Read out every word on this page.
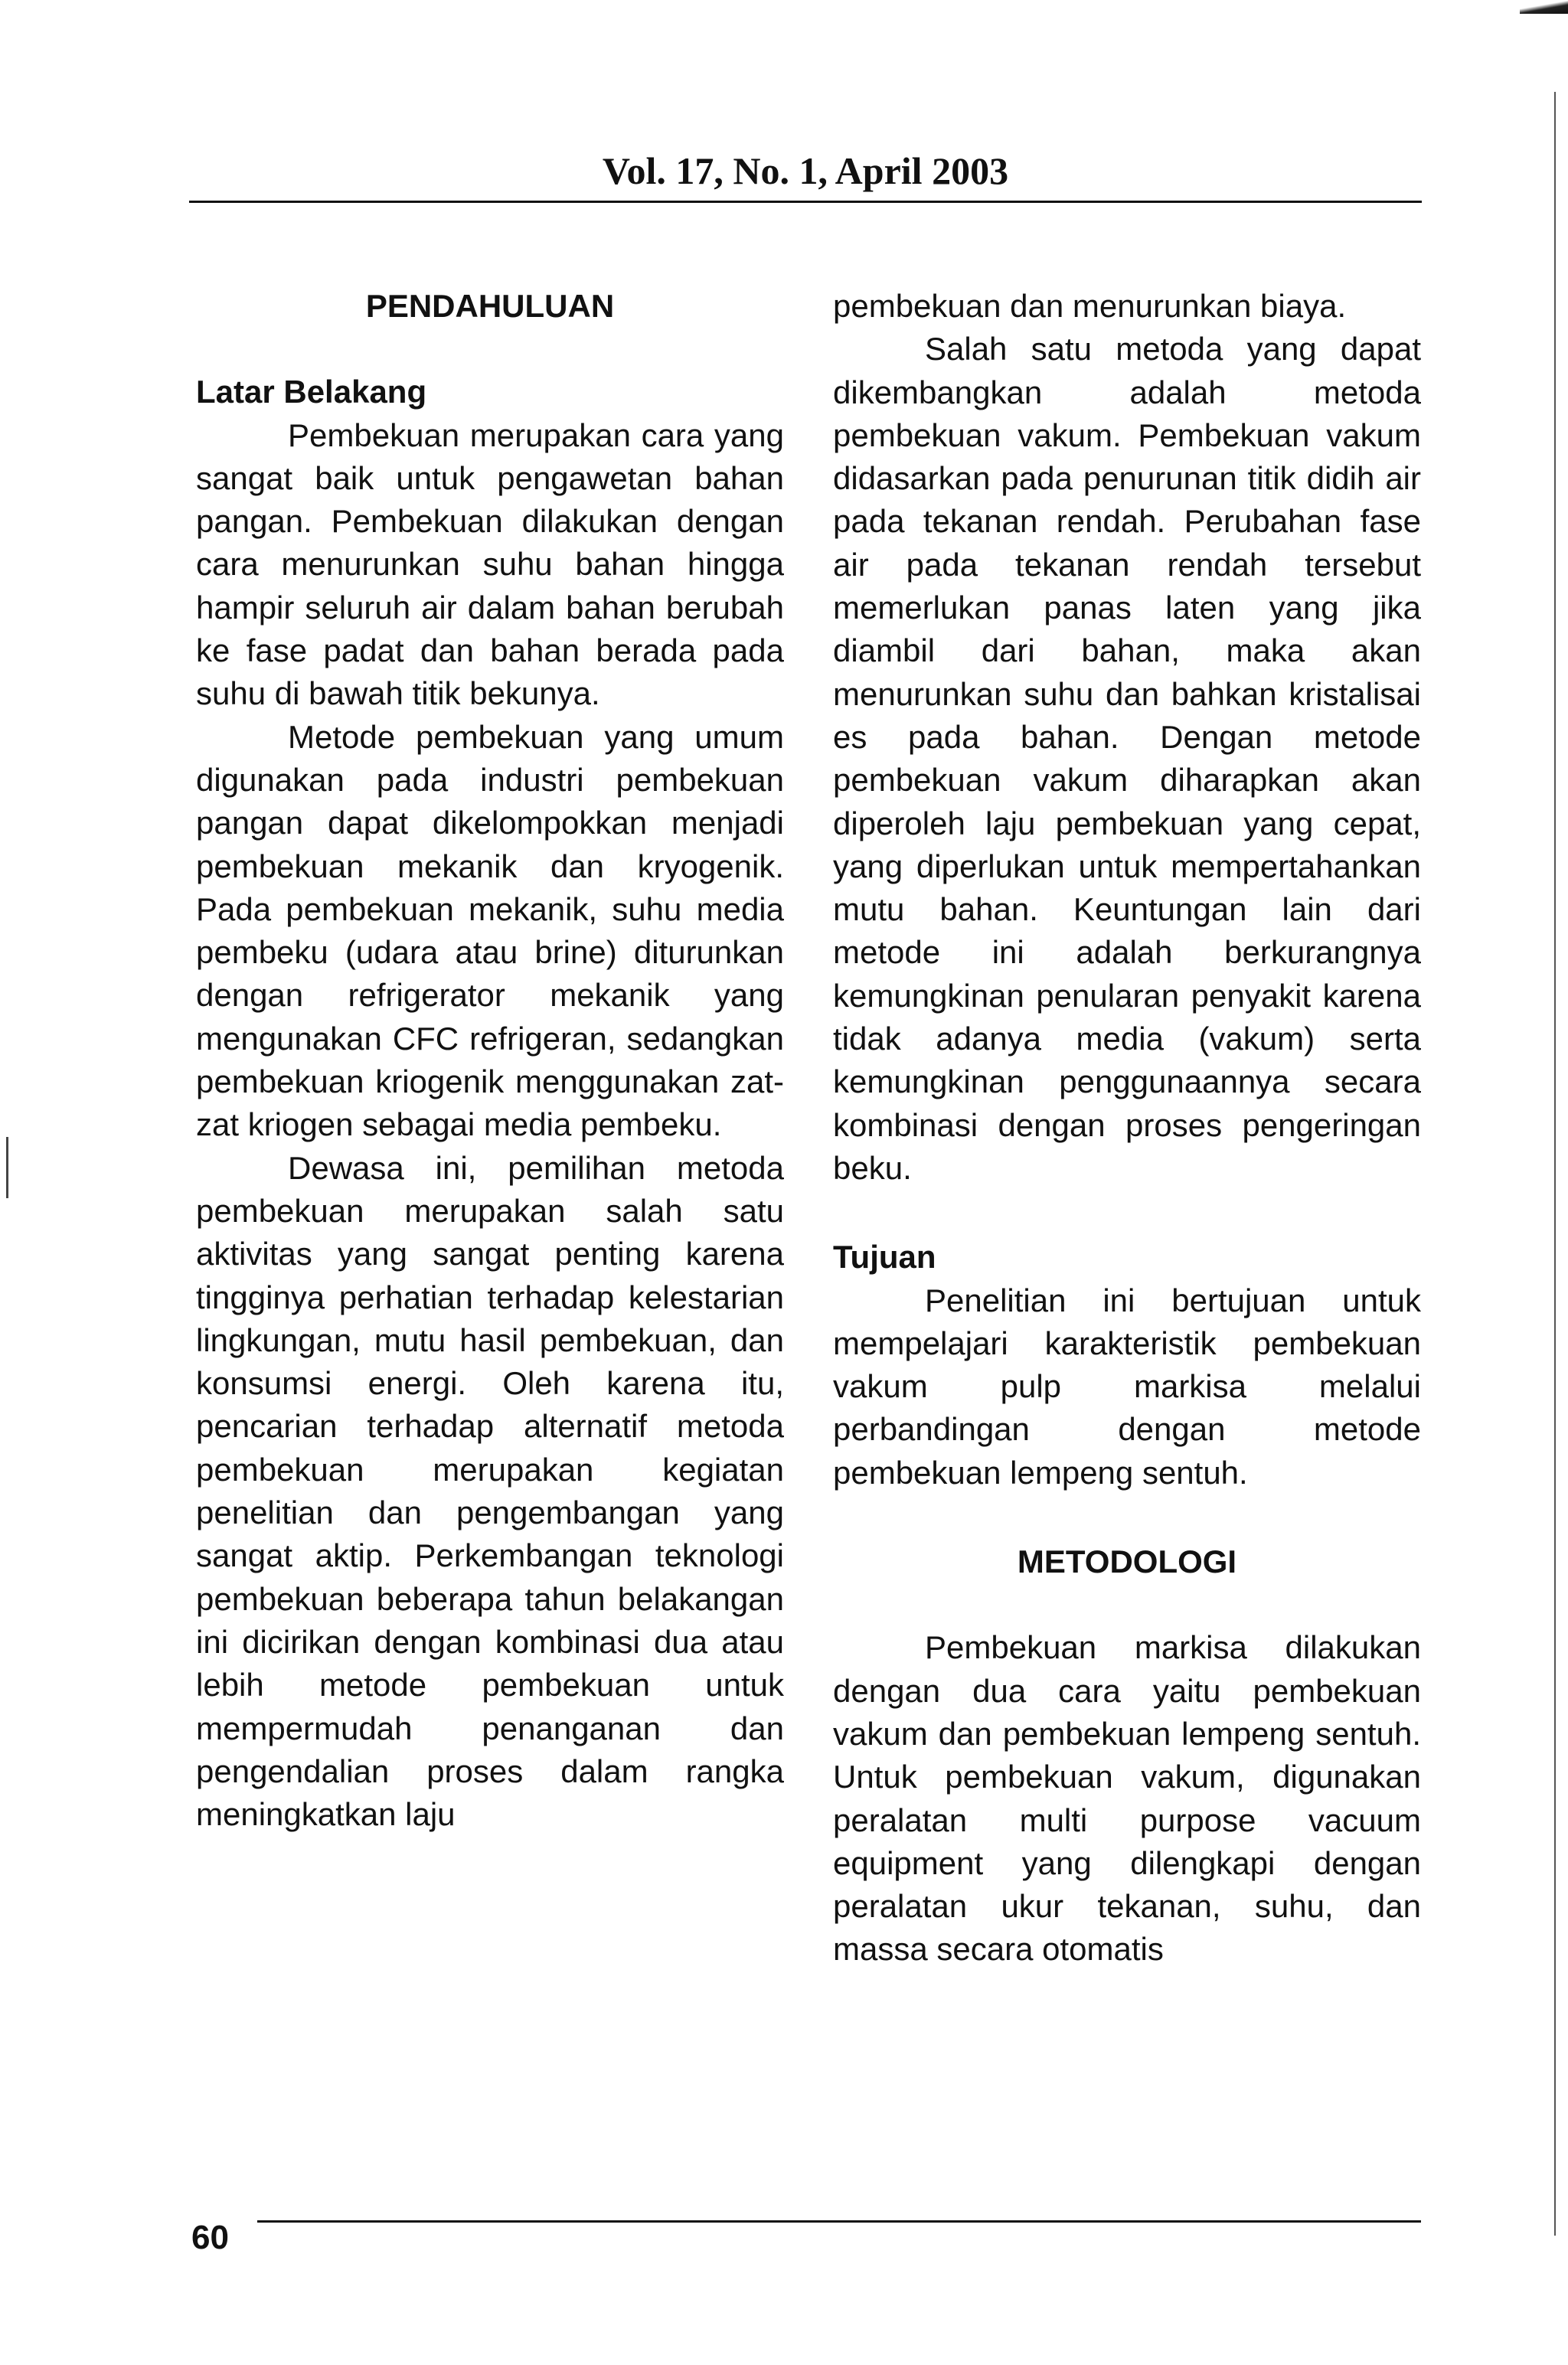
Vol. 17, No. 1, April 2003

PENDAHULUAN

Latar Belakang

Pembekuan merupakan cara yang sangat baik untuk pengawetan bahan pangan. Pembekuan dilakukan dengan cara menurunkan suhu bahan hingga hampir seluruh air dalam bahan berubah ke fase padat dan bahan berada pada suhu di bawah titik bekunya.

Metode pembekuan yang umum digunakan pada industri pembekuan pangan dapat dikelompokkan menjadi pembekuan mekanik dan kryogenik. Pada pembekuan mekanik, suhu media pembeku (udara atau brine) diturunkan dengan refrigerator mekanik yang mengunakan CFC refrigeran, sedangkan pembekuan kriogenik menggunakan zat-zat kriogen sebagai media pembeku.

Dewasa ini, pemilihan metoda pembekuan merupakan salah satu aktivitas yang sangat penting karena tingginya perhatian terhadap kelestarian lingkungan, mutu hasil pembekuan, dan konsumsi energi. Oleh karena itu, pencarian terhadap alternatif metoda pembekuan merupakan kegiatan penelitian dan pengembangan yang sangat aktip. Perkembangan teknologi pembekuan beberapa tahun belakangan ini dicirikan dengan kombinasi dua atau lebih metode pembekuan untuk mempermudah penanganan dan pengendalian proses dalam rangka meningkatkan laju

pembekuan dan menurunkan biaya.

Salah satu metoda yang dapat dikembangkan adalah metoda pembekuan vakum. Pembekuan vakum didasarkan pada penurunan titik didih air pada tekanan rendah. Perubahan fase air pada tekanan rendah tersebut memerlukan panas laten yang jika diambil dari bahan, maka akan menurunkan suhu dan bahkan kristalisai es pada bahan. Dengan metode pembekuan vakum diharapkan akan diperoleh laju pembekuan yang cepat, yang diperlukan untuk mempertahankan mutu bahan. Keuntungan lain dari metode ini adalah berkurangnya kemungkinan penularan penyakit karena tidak adanya media (vakum) serta kemungkinan penggunaannya secara kombinasi dengan proses pengeringan beku.

Tujuan

Penelitian ini bertujuan untuk mempelajari karakteristik pembekuan vakum pulp markisa melalui perbandingan dengan metode pembekuan lempeng sentuh.

METODOLOGI

Pembekuan markisa dilakukan dengan dua cara yaitu pembekuan vakum dan pembekuan lempeng sentuh. Untuk pembekuan vakum, digunakan peralatan multi purpose vacuum equipment yang dilengkapi dengan peralatan ukur tekanan, suhu, dan massa secara otomatis

60
